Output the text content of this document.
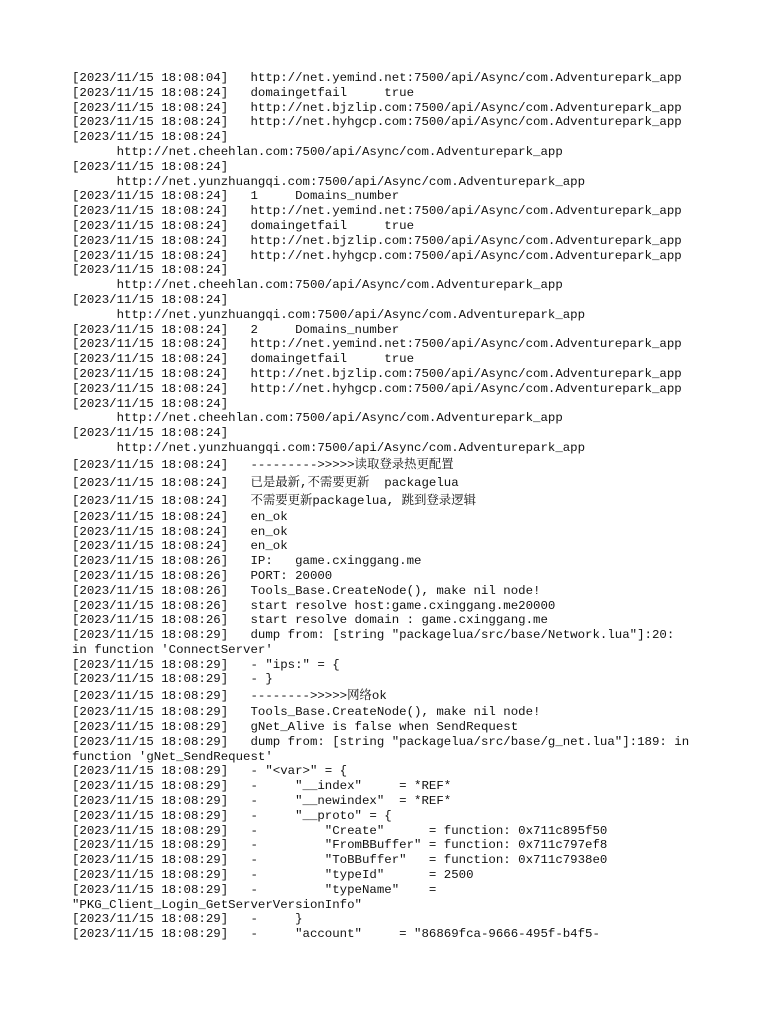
[2023/11/15 18:08:04]   http://net.yemind.net:7500/api/Async/com.Adventurepark_app
[2023/11/15 18:08:24]   domaingetfail     true
[2023/11/15 18:08:24]   http://net.bjzlip.com:7500/api/Async/com.Adventurepark_app
[2023/11/15 18:08:24]   http://net.hyhgcp.com:7500/api/Async/com.Adventurepark_app
[2023/11/15 18:08:24]
http://net.cheehlan.com:7500/api/Async/com.Adventurepark_app
[2023/11/15 18:08:24]
http://net.yunzhuangqi.com:7500/api/Async/com.Adventurepark_app
[2023/11/15 18:08:24]   1     Domains_number
[2023/11/15 18:08:24]   http://net.yemind.net:7500/api/Async/com.Adventurepark_app
[2023/11/15 18:08:24]   domaingetfail     true
[2023/11/15 18:08:24]   http://net.bjzlip.com:7500/api/Async/com.Adventurepark_app
[2023/11/15 18:08:24]   http://net.hyhgcp.com:7500/api/Async/com.Adventurepark_app
[2023/11/15 18:08:24]
http://net.cheehlan.com:7500/api/Async/com.Adventurepark_app
[2023/11/15 18:08:24]
http://net.yunzhuangqi.com:7500/api/Async/com.Adventurepark_app
[2023/11/15 18:08:24]   2     Domains_number
[2023/11/15 18:08:24]   http://net.yemind.net:7500/api/Async/com.Adventurepark_app
[2023/11/15 18:08:24]   domaingetfail     true
[2023/11/15 18:08:24]   http://net.bjzlip.com:7500/api/Async/com.Adventurepark_app
[2023/11/15 18:08:24]   http://net.hyhgcp.com:7500/api/Async/com.Adventurepark_app
[2023/11/15 18:08:24]
http://net.cheehlan.com:7500/api/Async/com.Adventurepark_app
[2023/11/15 18:08:24]
http://net.yunzhuangqi.com:7500/api/Async/com.Adventurepark_app
[2023/11/15 18:08:24]   --------->>>>>读取登录热更配置
[2023/11/15 18:08:24]   已是最新,不需要更新  packagelua
[2023/11/15 18:08:24]   不需要更新packagelua, 跳到登录逻辑
[2023/11/15 18:08:24]   en_ok
[2023/11/15 18:08:24]   en_ok
[2023/11/15 18:08:24]   en_ok
[2023/11/15 18:08:26]   IP:   game.cxinggang.me
[2023/11/15 18:08:26]   PORT: 20000
[2023/11/15 18:08:26]   Tools_Base.CreateNode(), make nil node!
[2023/11/15 18:08:26]   start resolve host:game.cxinggang.me20000
[2023/11/15 18:08:26]   start resolve domain : game.cxinggang.me
[2023/11/15 18:08:29]   dump from: [string "packagelua/src/base/Network.lua"]:20:
in function 'ConnectServer'
[2023/11/15 18:08:29]   - "ips:" = {
[2023/11/15 18:08:29]   - }
[2023/11/15 18:08:29]   -------->>>>>网络ok
[2023/11/15 18:08:29]   Tools_Base.CreateNode(), make nil node!
[2023/11/15 18:08:29]   gNet_Alive is false when SendRequest
[2023/11/15 18:08:29]   dump from: [string "packagelua/src/base/g_net.lua"]:189: in
function 'gNet_SendRequest'
[2023/11/15 18:08:29]   - "<var>" = {
[2023/11/15 18:08:29]   -     "__index"     = *REF*
[2023/11/15 18:08:29]   -     "__newindex"  = *REF*
[2023/11/15 18:08:29]   -     "__proto" = {
[2023/11/15 18:08:29]   -         "Create"      = function: 0x711c895f50
[2023/11/15 18:08:29]   -         "FromBBuffer" = function: 0x711c797ef8
[2023/11/15 18:08:29]   -         "ToBBuffer"   = function: 0x711c7938e0
[2023/11/15 18:08:29]   -         "typeId"      = 2500
[2023/11/15 18:08:29]   -         "typeName"    =
"PKG_Client_Login_GetServerVersionInfo"
[2023/11/15 18:08:29]   -     }
[2023/11/15 18:08:29]   -     "account"     = "86869fca-9666-495f-b4f5-
